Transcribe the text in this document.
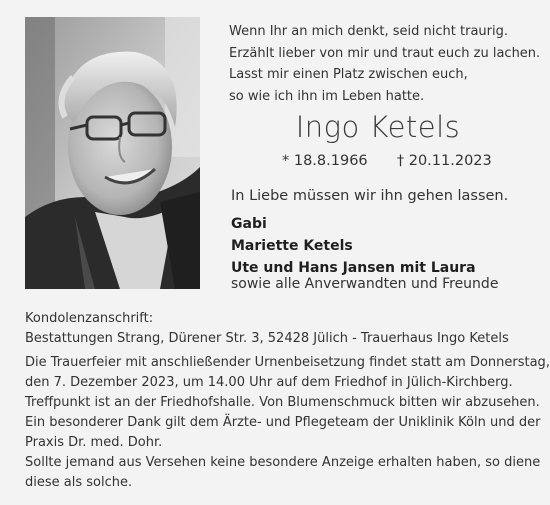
Wenn Ihr an mich denkt, seid nicht traurig.
Erzählt lieber von mir und traut euch zu lachen.
Lasst mir einen Platz zwischen euch,
so wie ich ihn im Leben hatte.
Ingo Ketels
* 18.8.1966 † 20.11.2023
In Liebe müssen wir ihn gehen lassen.
Gabi
Mariette Ketels
Ute und Hans Jansen mit Laura
sowie alle Anverwandten und Freunde
Kondolenzanschrift:
Bestattungen Strang, Dürener Str. 3, 52428 Jülich - Trauerhaus Ingo Ketels
Die Trauerfeier mit anschließender Urnenbeisetzung findet statt am Donnerstag,
den 7. Dezember 2023, um 14.00 Uhr auf dem Friedhof in Jülich-Kirchberg.
Treffpunkt ist an der Friedhofshalle. Von Blumenschmuck bitten wir abzusehen.
Ein besonderer Dank gilt dem Ärzte- und Pflegeteam der Uniklinik Köln und der
Praxis Dr. med. Dohr.
Sollte jemand aus Versehen keine besondere Anzeige erhalten haben, so diene
diese als solche.
